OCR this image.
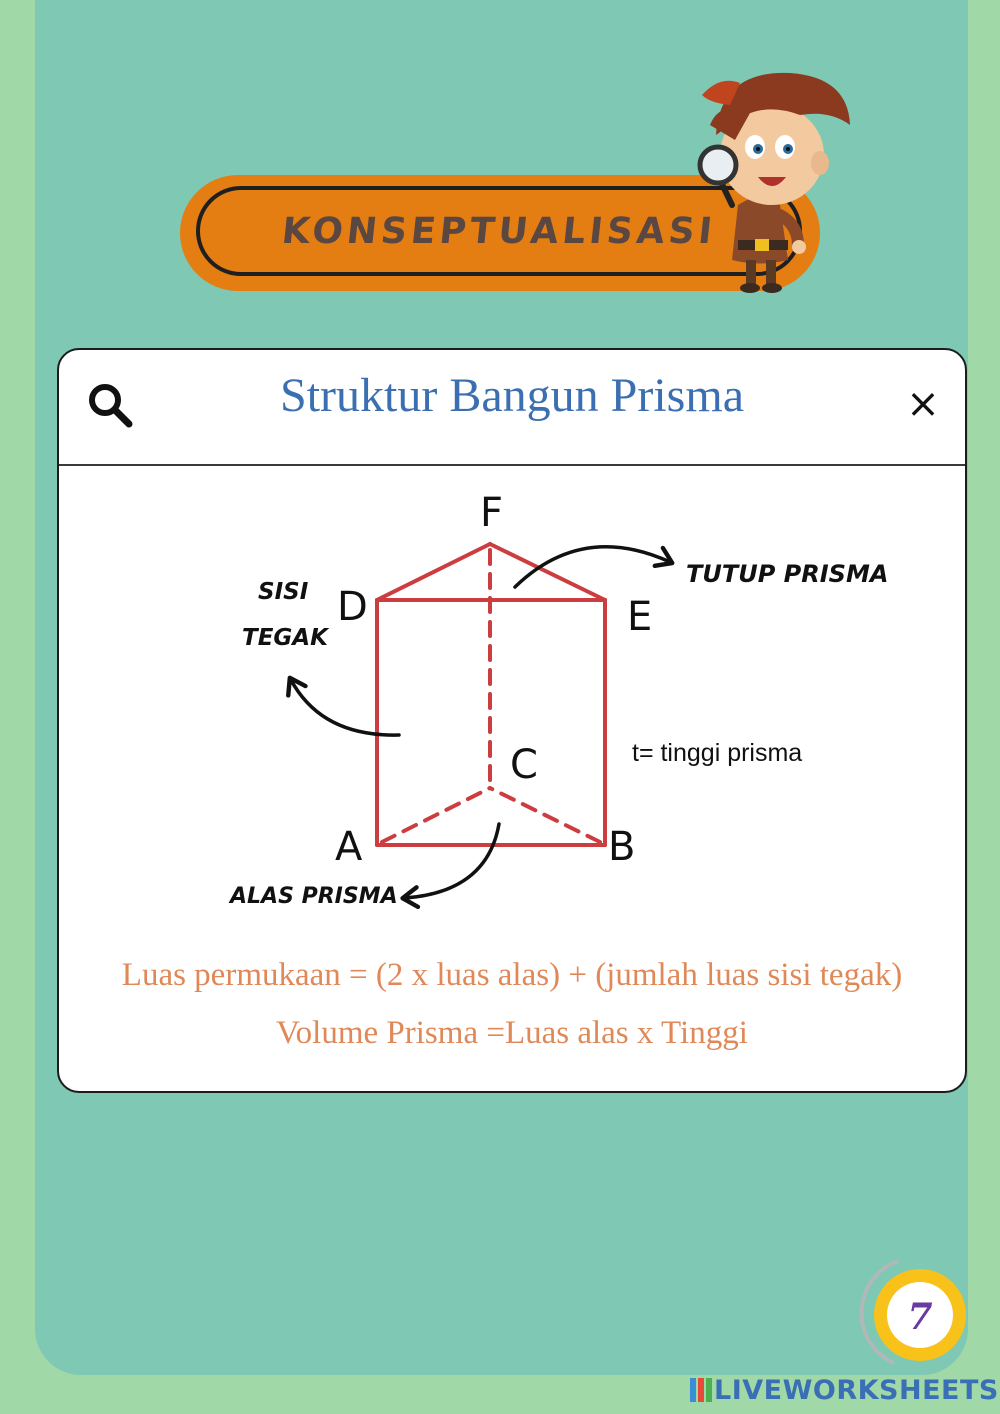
KONSEPTUALISASI
Struktur Bangun Prisma	×
F
D	E
C
A	B
TUTUP PRISMA
SISI
TEGAK
ALAS PRISMA
t= tinggi prisma
Luas permukaan = (2 x luas alas) + (jumlah luas sisi tegak)
Volume Prisma =Luas alas x Tinggi
7
LIVEWORKSHEETS
